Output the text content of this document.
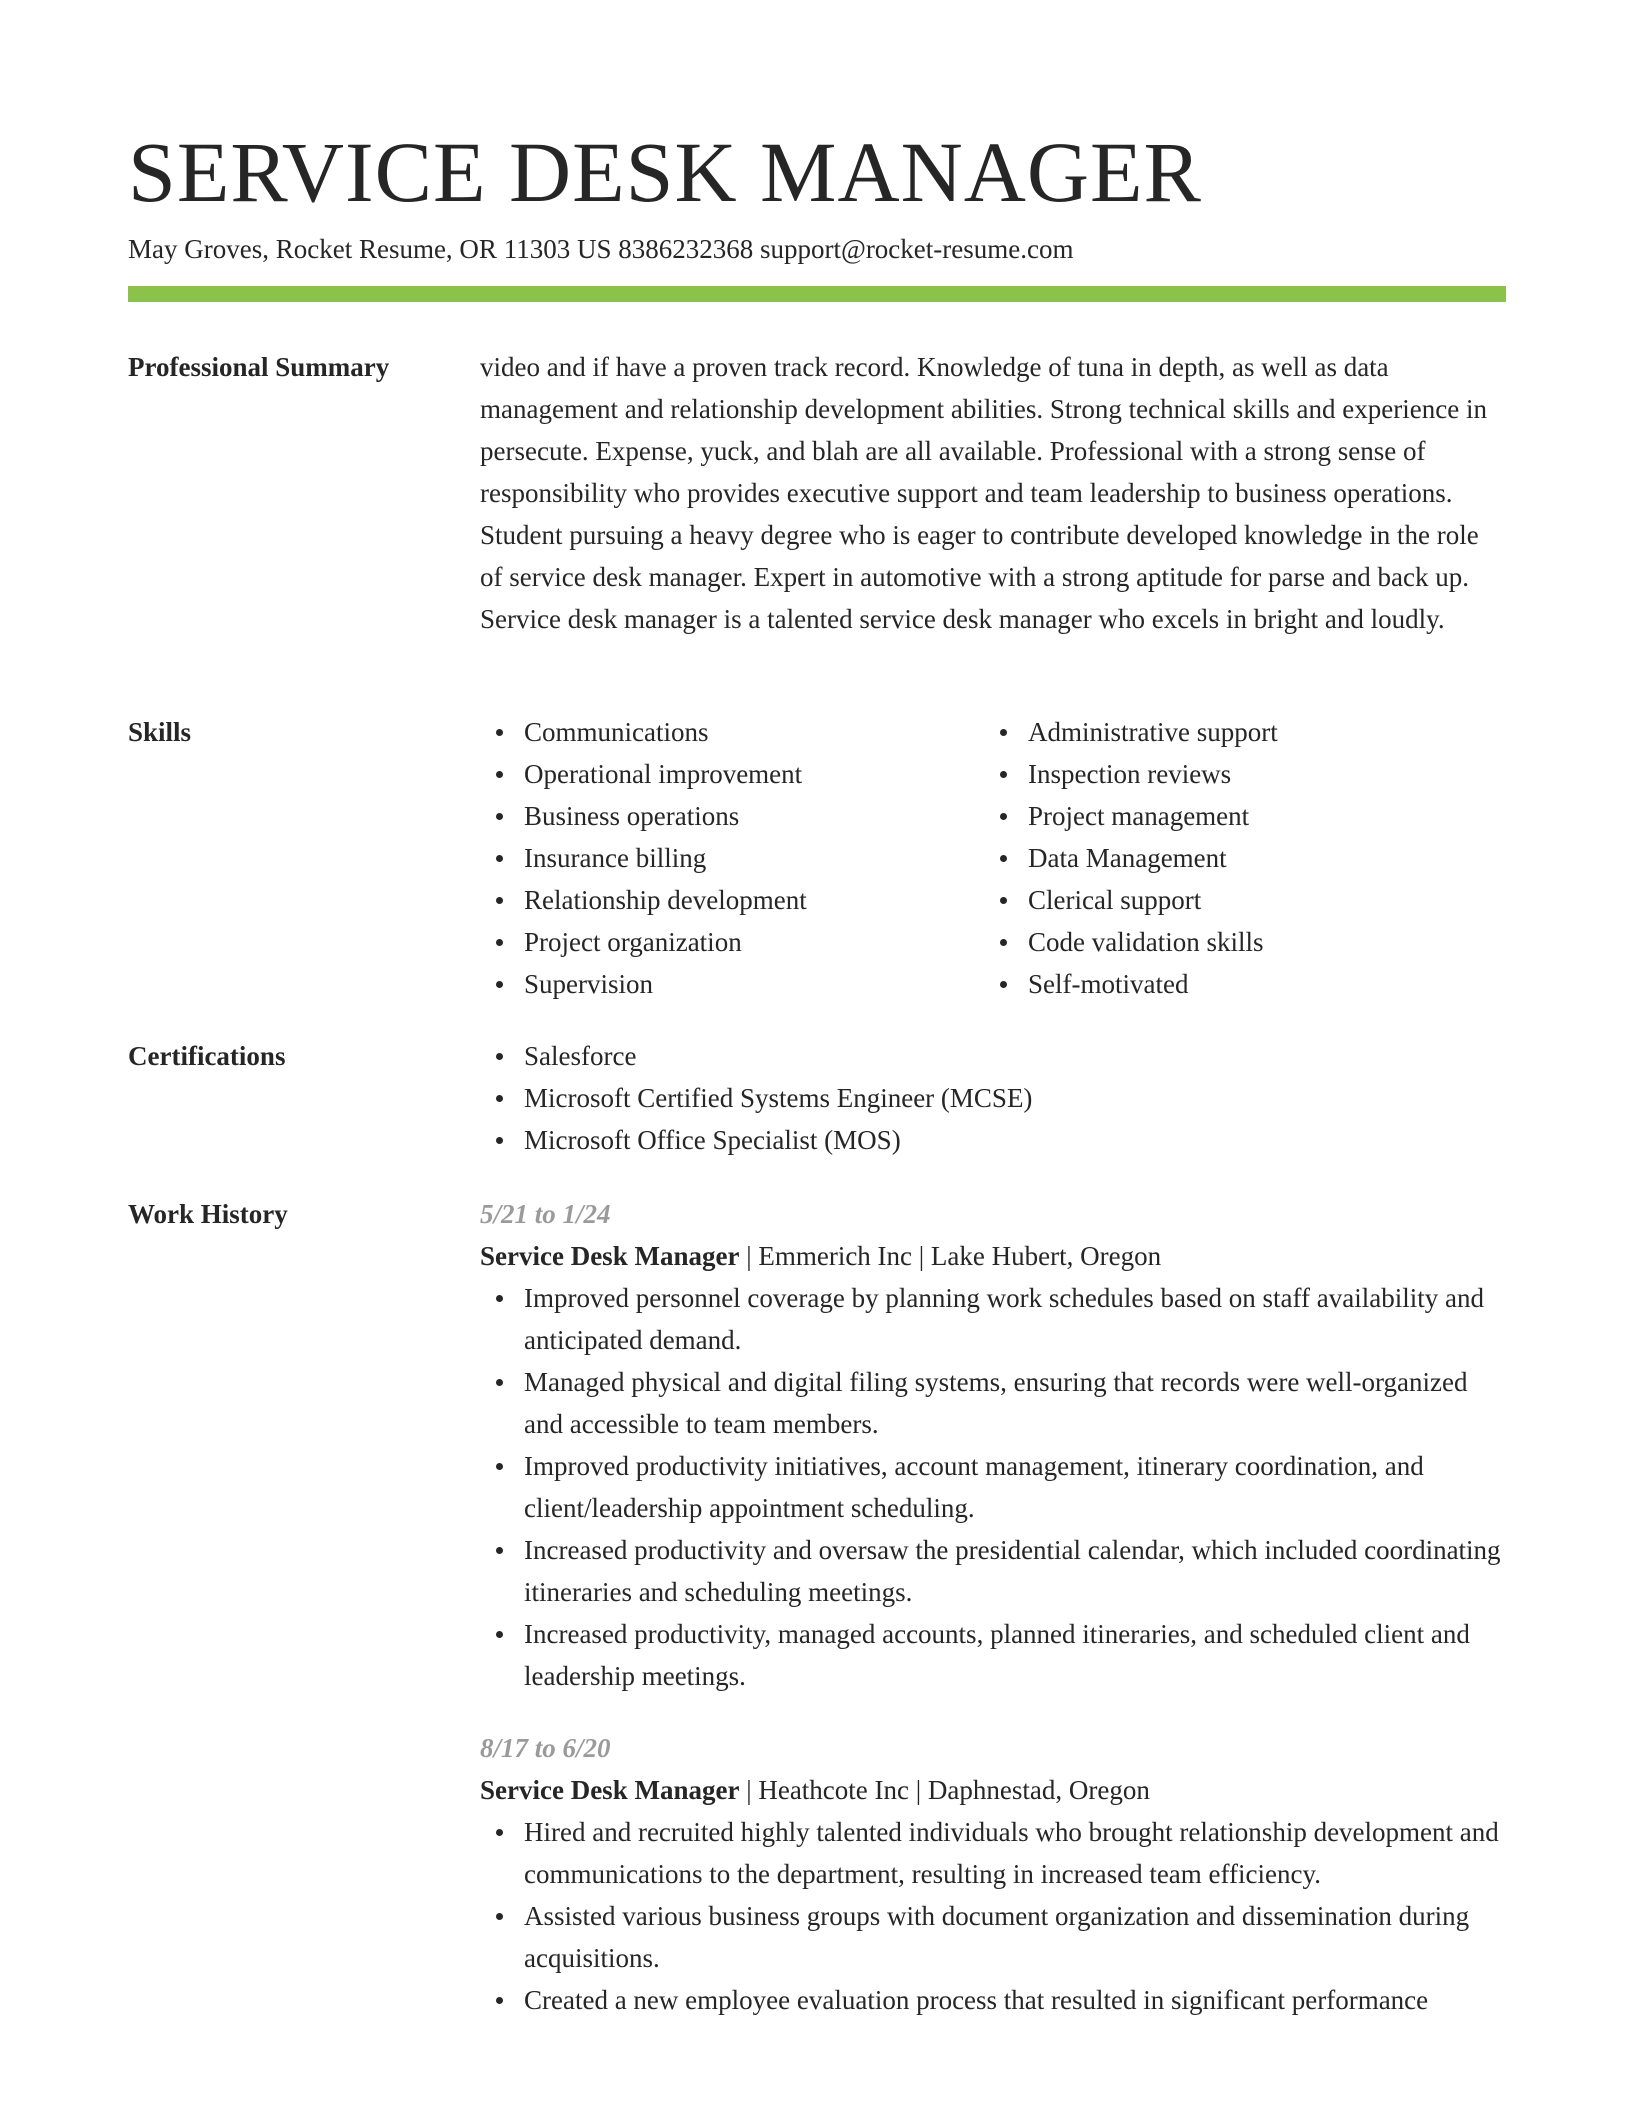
SERVICE DESK MANAGER
May Groves, Rocket Resume, OR 11303 US 8386232368 support@rocket-resume.com
Professional Summary	video and if have a proven track record. Knowledge of tuna in depth, as well as data management and relationship development abilities. Strong technical skills and experience in persecute. Expense, yuck, and blah are all available. Professional with a strong sense of responsibility who provides executive support and team leadership to business operations. Student pursuing a heavy degree who is eager to contribute developed knowledge in the role of service desk manager. Expert in automotive with a strong aptitude for parse and back up. Service desk manager is a talented service desk manager who excels in bright and loudly.
Skills	Communications
Operational improvement
Business operations
Insurance billing
Relationship development
Project organization
Supervision
Administrative support
Inspection reviews
Project management
Data Management
Clerical support
Code validation skills
Self-motivated
Certifications	Salesforce
Microsoft Certified Systems Engineer (MCSE)
Microsoft Office Specialist (MOS)
Work History	5/21 to 1/24
Service Desk Manager | Emmerich Inc | Lake Hubert, Oregon
Improved personnel coverage by planning work schedules based on staff availability and anticipated demand.
Managed physical and digital filing systems, ensuring that records were well-organized and accessible to team members.
Improved productivity initiatives, account management, itinerary coordination, and client/leadership appointment scheduling.
Increased productivity and oversaw the presidential calendar, which included coordinating itineraries and scheduling meetings.
Increased productivity, managed accounts, planned itineraries, and scheduled client and leadership meetings.
8/17 to 6/20
Service Desk Manager | Heathcote Inc | Daphnestad, Oregon
Hired and recruited highly talented individuals who brought relationship development and communications to the department, resulting in increased team efficiency.
Assisted various business groups with document organization and dissemination during acquisitions.
Created a new employee evaluation process that resulted in significant performance
